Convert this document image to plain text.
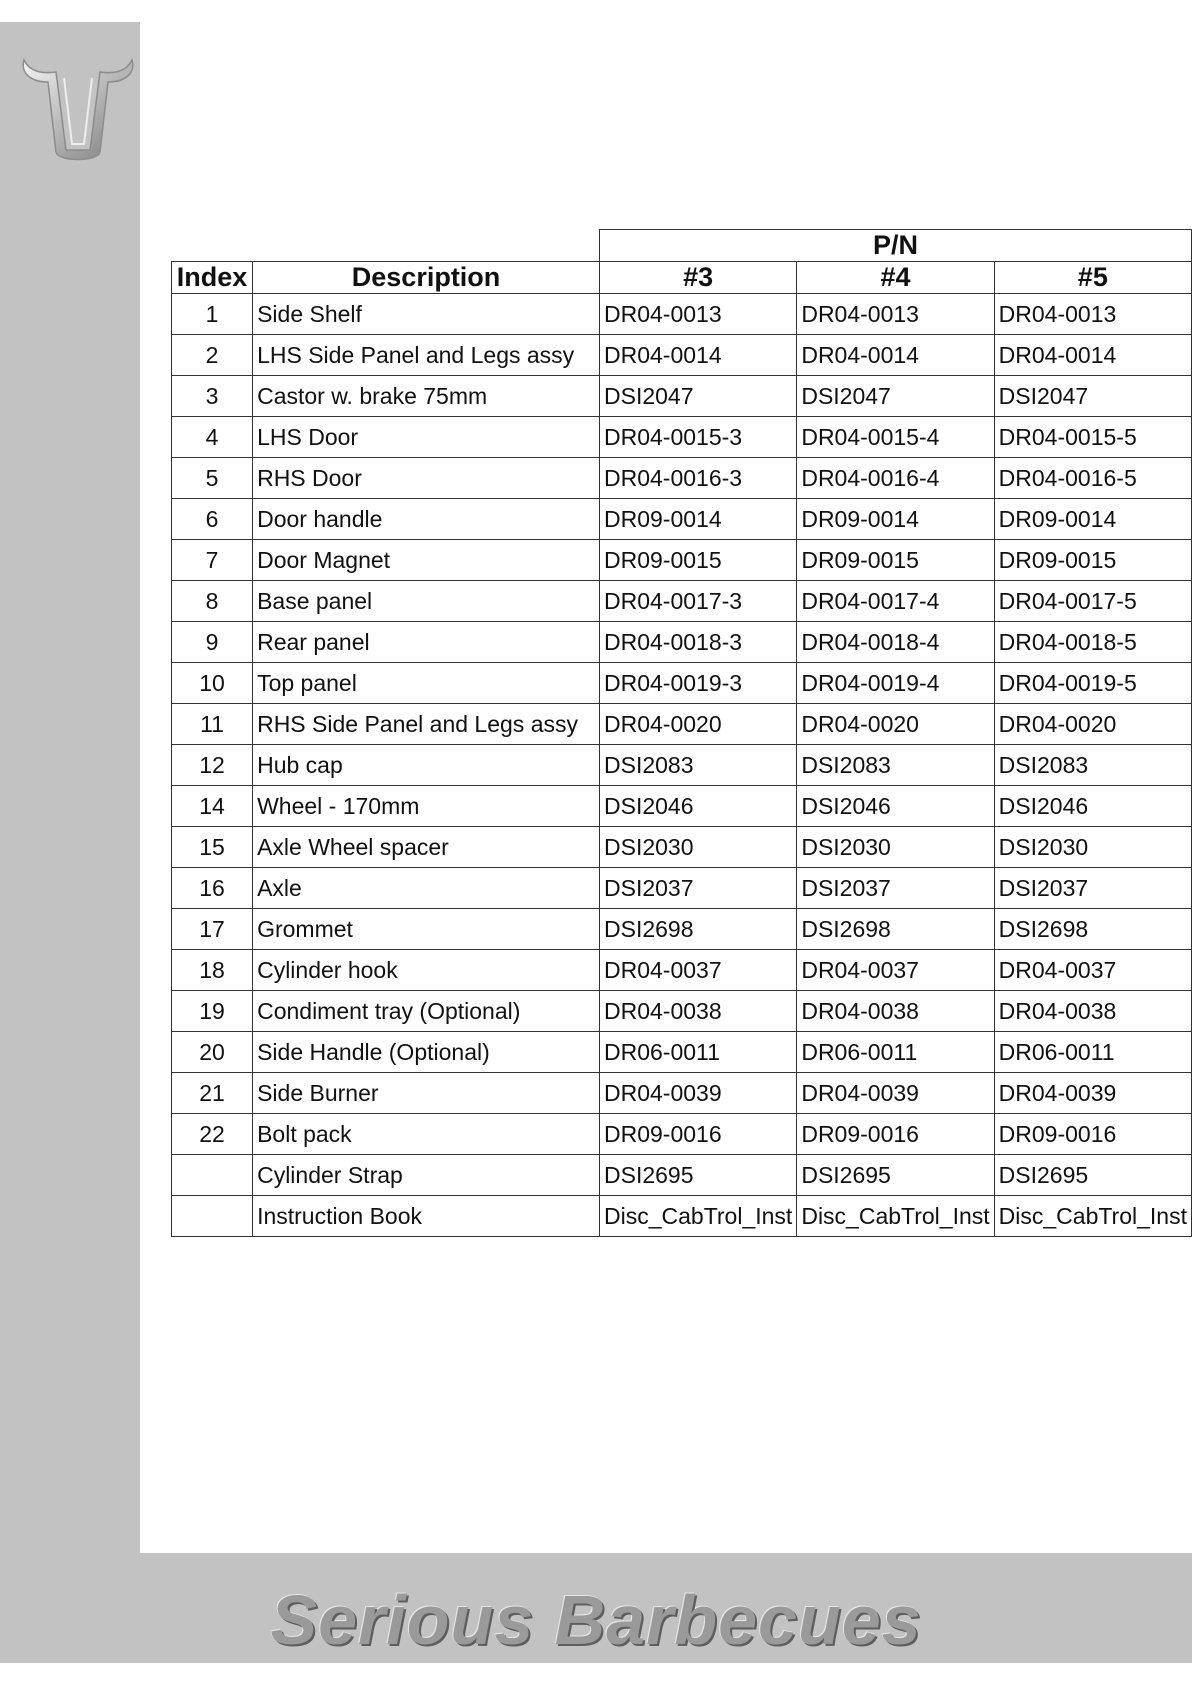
		P/N		
Index	Description	#3	#4	#5
1	Side Shelf	DR04-0013	DR04-0013	DR04-0013
2	LHS Side Panel and Legs assy	DR04-0014	DR04-0014	DR04-0014
3	Castor w. brake 75mm	DSI2047	DSI2047	DSI2047
4	LHS Door	DR04-0015-3	DR04-0015-4	DR04-0015-5
5	RHS Door	DR04-0016-3	DR04-0016-4	DR04-0016-5
6	Door handle	DR09-0014	DR09-0014	DR09-0014
7	Door Magnet	DR09-0015	DR09-0015	DR09-0015
8	Base panel	DR04-0017-3	DR04-0017-4	DR04-0017-5
9	Rear panel	DR04-0018-3	DR04-0018-4	DR04-0018-5
10	Top panel	DR04-0019-3	DR04-0019-4	DR04-0019-5
11	RHS Side Panel and Legs assy	DR04-0020	DR04-0020	DR04-0020
12	Hub cap	DSI2083	DSI2083	DSI2083
14	Wheel - 170mm	DSI2046	DSI2046	DSI2046
15	Axle Wheel spacer	DSI2030	DSI2030	DSI2030
16	Axle	DSI2037	DSI2037	DSI2037
17	Grommet	DSI2698	DSI2698	DSI2698
18	Cylinder hook	DR04-0037	DR04-0037	DR04-0037
19	Condiment tray (Optional)	DR04-0038	DR04-0038	DR04-0038
20	Side Handle (Optional)	DR06-0011	DR06-0011	DR06-0011
21	Side Burner	DR04-0039	DR04-0039	DR04-0039
22	Bolt pack	DR09-0016	DR09-0016	DR09-0016
	Cylinder Strap	DSI2695	DSI2695	DSI2695
	Instruction Book	Disc_CabTrol_Inst	Disc_CabTrol_Inst	Disc_CabTrol_Inst
Serious Barbecues
